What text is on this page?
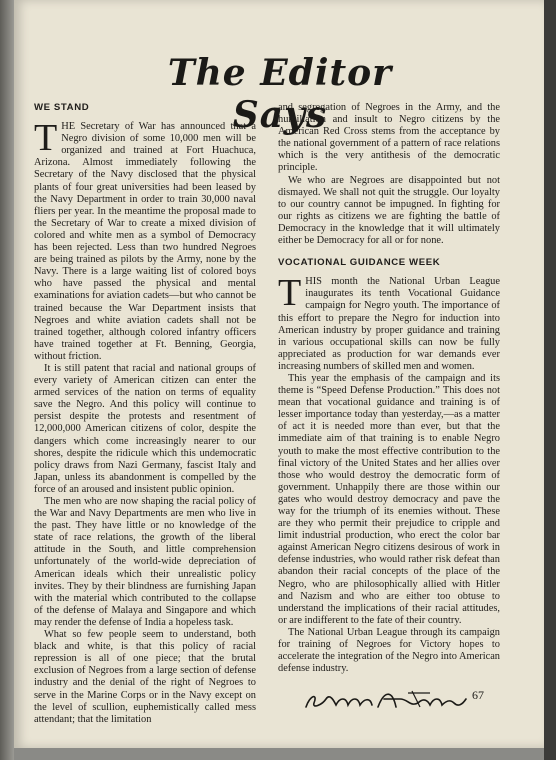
The Editor Says
WE STAND

THE Secretary of War has announced that a Negro division of some 10,000 men will be organized and trained at Fort Huachuca, Arizona. Almost immediately following the Secretary of the Navy disclosed that the physical plants of four great universities had been leased by the Navy Department in order to train 30,000 naval fliers per year. In the meantime the proposal made to the Secretary of War to create a mixed division of colored and white men as a symbol of Democracy has been rejected. Less than two hundred Negroes are being trained as pilots by the Army, none by the Navy. There is a large waiting list of colored boys who have passed the physical and mental examinations for aviation cadets—but who cannot be trained because the War Department insists that Negroes and white aviation cadets shall not be trained together, although colored infantry officers have trained together at Ft. Benning, Georgia, without friction.

It is still patent that racial and national groups of every variety of American citizen can enter the armed services of the nation on terms of equality save the Negro. And this policy will continue to persist despite the protests and resentment of 12,000,000 American citizens of color, despite the dangers which come increasingly nearer to our shores, despite the ridicule which this undemocratic policy draws from Nazi Germany, fascist Italy and Japan, unless its abandonment is compelled by the force of an aroused and insistent public opinion.

The men who are now shaping the racial policy of the War and Navy Departments are men who live in the past. They have little or no knowledge of the state of race relations, the growth of the liberal attitude in the South, and little comprehension unfortunately of the world-wide depreciation of American ideals which their unrealistic policy invites. They by their blindness are furnishing Japan with the material which contributed to the collapse of the defense of Malaya and Singapore and which may render the defense of India a hopeless task.

What so few people seem to understand, both black and white, is that this policy of racial repression is all of one piece; that the brutal exclusion of Negroes from a large section of defense industry and the denial of the right of Negroes to serve in the Marine Corps or in the Navy except on the level of scullion, euphemistically called mess attendant; that the limitation

and segregation of Negroes in the Army, and the humiliation and insult to Negro citizens by the American Red Cross stems from the acceptance by the national government of a pattern of race relations which is the very antithesis of the democratic principle.

We who are Negroes are disappointed but not dismayed. We shall not quit the struggle. Our loyalty to our country cannot be impugned. In fighting for our rights as citizens we are fighting the battle of Democracy in the knowledge that it will ultimately either be Democracy for all or for none.

VOCATIONAL GUIDANCE WEEK

THIS month the National Urban League inaugurates its tenth Vocational Guidance campaign for Negro youth. The importance of this effort to prepare the Negro for induction into American industry by proper guidance and training in various occupational skills can now be fully appreciated as production for war demands ever increasing numbers of skilled men and women.

This year the emphasis of the campaign and its theme is “Speed Defense Production.” This does not mean that vocational guidance and training is of lesser importance today than yesterday,—as a matter of act it is needed more than ever, but that the immediate aim of that training is to enable Negro youth to make the most effective contribution to the final victory of the United States and her allies over those who would destroy the democratic form of government. Unhappily there are those within our gates who would destroy democracy and pave the way for the triumph of its enemies without. These are they who permit their prejudice to cripple and limit industrial production, who erect the color bar against American Negro citizens desirous of work in defense industries, who would rather risk defeat than abandon their racial concepts of the place of the Negro, who are philosophically allied with Hitler and Nazism and who are either too obtuse to understand the implications of their racial attitudes, or are indifferent to the fate of their country.

The National Urban League through its campaign for training of Negroes for Victory hopes to accelerate the integration of the Negro into American defense industry.

67
